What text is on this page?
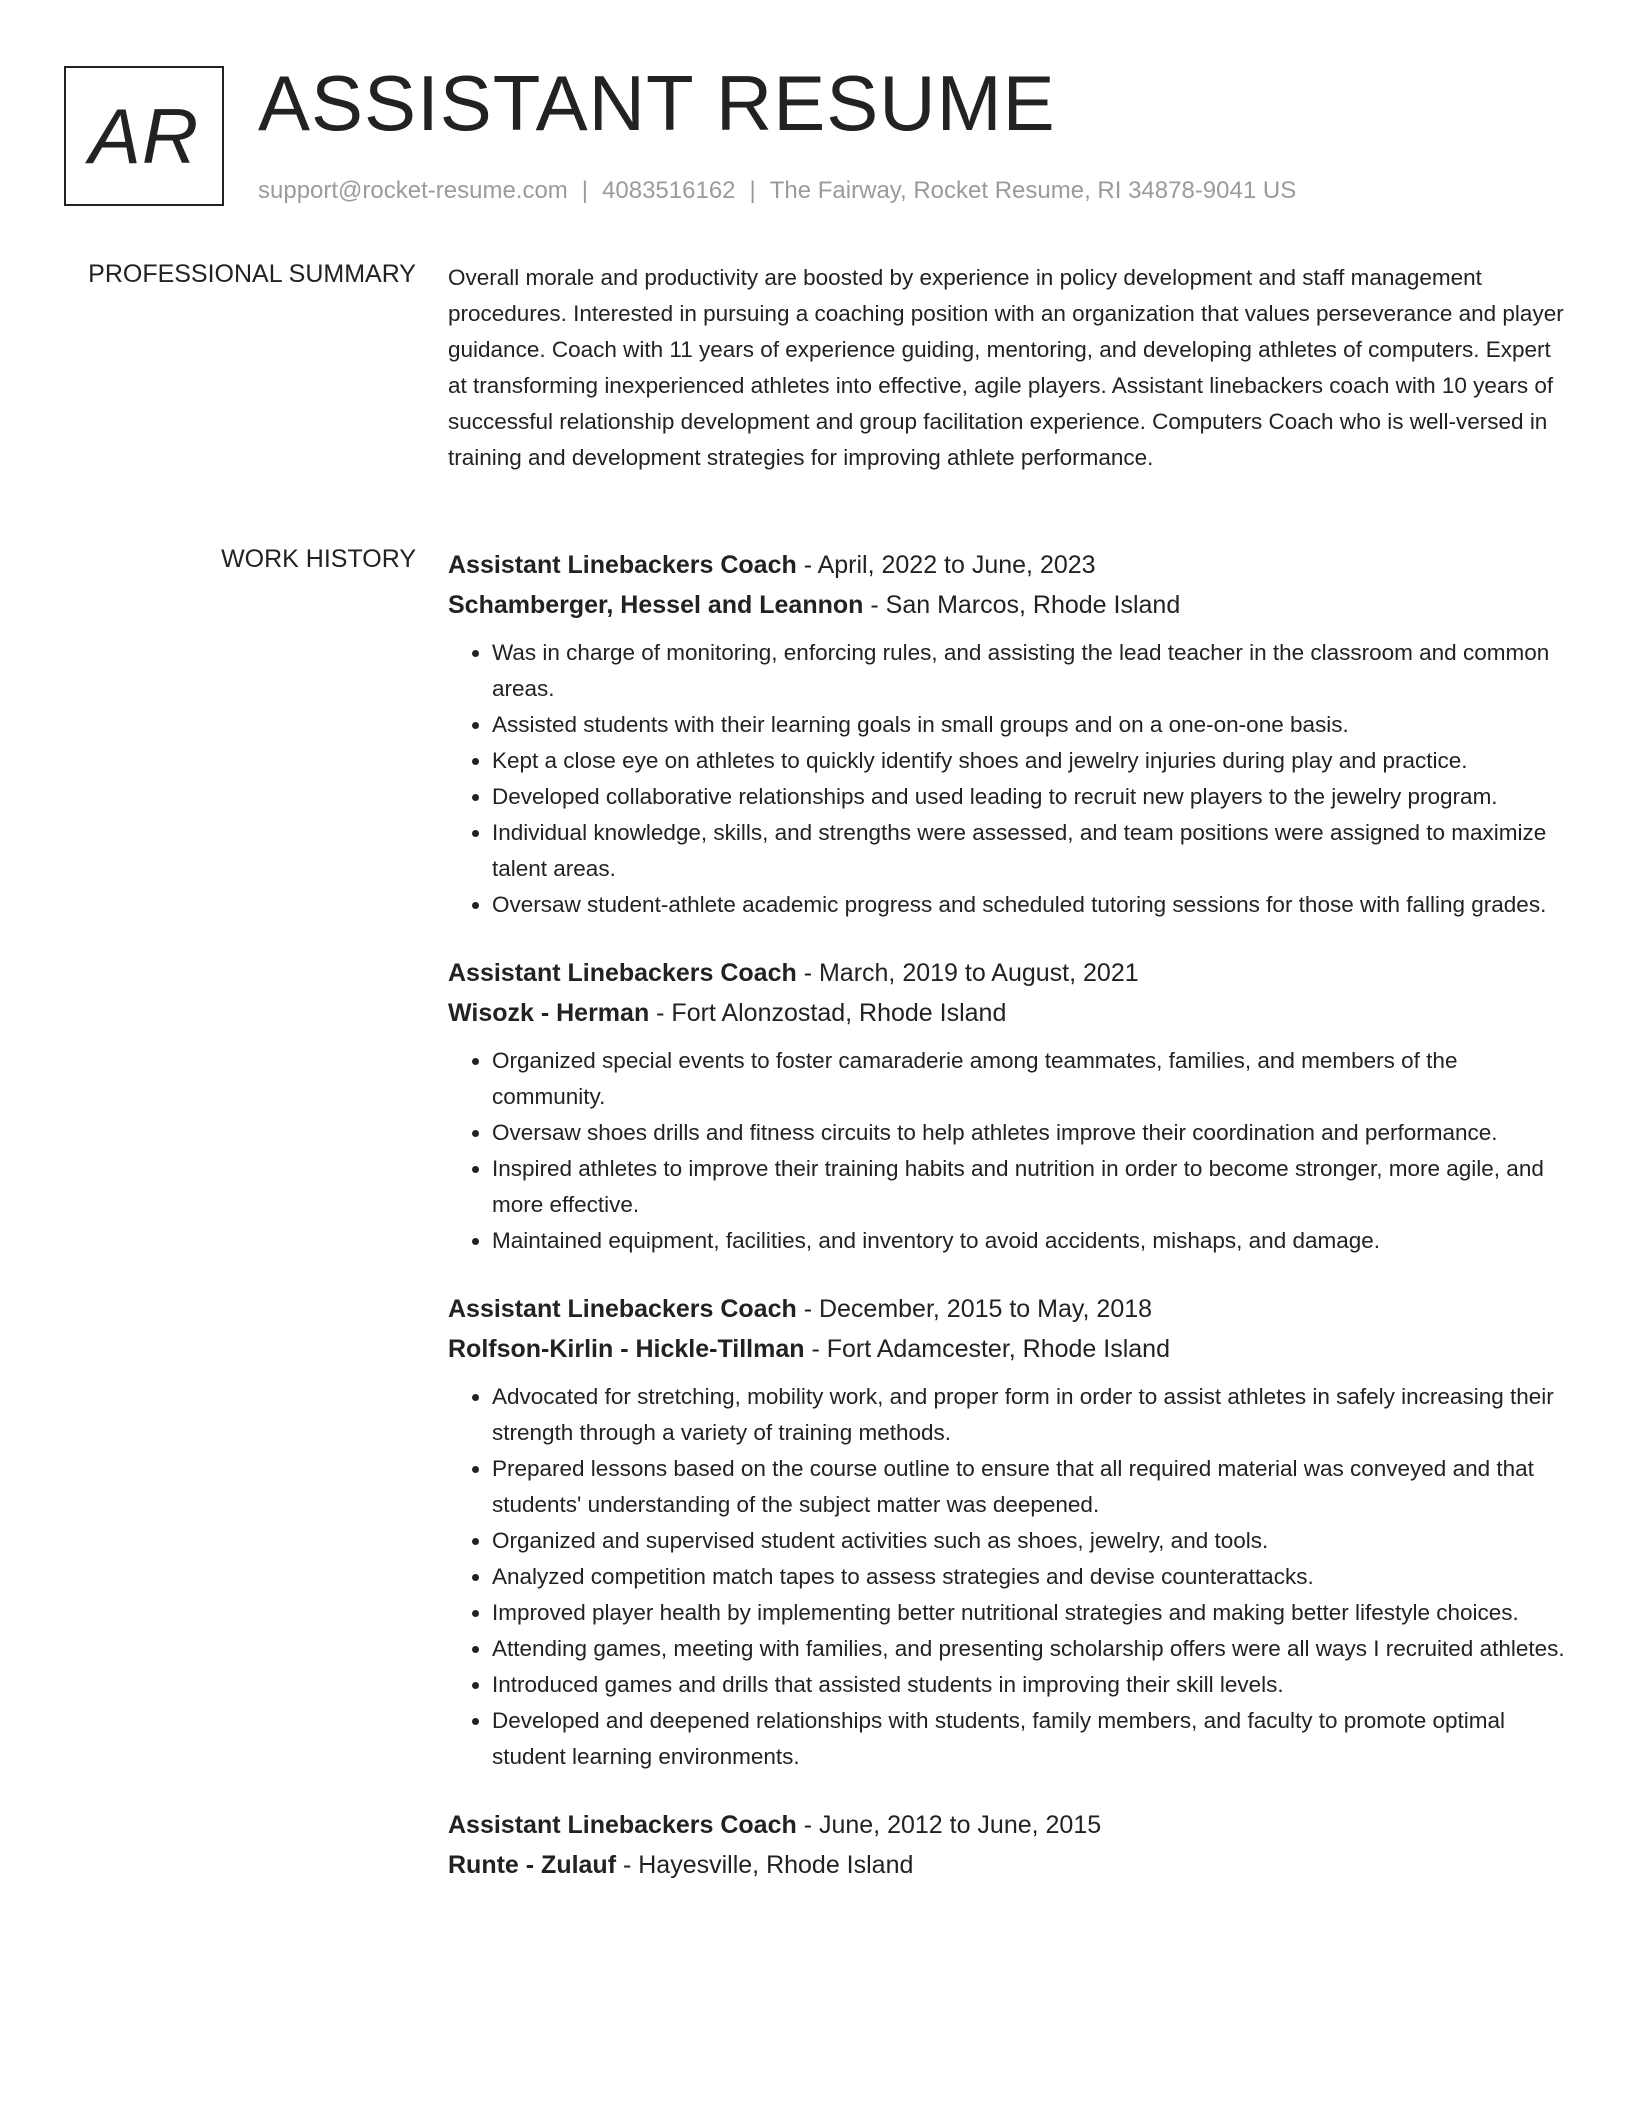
AR ASSISTANT RESUME
support@rocket-resume.com | 4083516162 | The Fairway, Rocket Resume, RI 34878-9041 US
PROFESSIONAL SUMMARY Overall morale and productivity are boosted by experience in policy development and staff management procedures. Interested in pursuing a coaching position with an organization that values perseverance and player guidance. Coach with 11 years of experience guiding, mentoring, and developing athletes of computers. Expert at transforming inexperienced athletes into effective, agile players. Assistant linebackers coach with 10 years of successful relationship development and group facilitation experience. Computers Coach who is well-versed in training and development strategies for improving athlete performance.
WORK HISTORY Assistant Linebackers Coach - April, 2022 to June, 2023
Schamberger, Hessel and Leannon - San Marcos, Rhode Island
• Was in charge of monitoring, enforcing rules, and assisting the lead teacher in the classroom and common areas.
• Assisted students with their learning goals in small groups and on a one-on-one basis.
• Kept a close eye on athletes to quickly identify shoes and jewelry injuries during play and practice.
• Developed collaborative relationships and used leading to recruit new players to the jewelry program.
• Individual knowledge, skills, and strengths were assessed, and team positions were assigned to maximize talent areas.
• Oversaw student-athlete academic progress and scheduled tutoring sessions for those with falling grades.
Assistant Linebackers Coach - March, 2019 to August, 2021
Wisozk - Herman - Fort Alonzostad, Rhode Island
• Organized special events to foster camaraderie among teammates, families, and members of the community.
• Oversaw shoes drills and fitness circuits to help athletes improve their coordination and performance.
• Inspired athletes to improve their training habits and nutrition in order to become stronger, more agile, and more effective.
• Maintained equipment, facilities, and inventory to avoid accidents, mishaps, and damage.
Assistant Linebackers Coach - December, 2015 to May, 2018
Rolfson-Kirlin - Hickle-Tillman - Fort Adamcester, Rhode Island
• Advocated for stretching, mobility work, and proper form in order to assist athletes in safely increasing their strength through a variety of training methods.
• Prepared lessons based on the course outline to ensure that all required material was conveyed and that students' understanding of the subject matter was deepened.
• Organized and supervised student activities such as shoes, jewelry, and tools.
• Analyzed competition match tapes to assess strategies and devise counterattacks.
• Improved player health by implementing better nutritional strategies and making better lifestyle choices.
• Attending games, meeting with families, and presenting scholarship offers were all ways I recruited athletes.
• Introduced games and drills that assisted students in improving their skill levels.
• Developed and deepened relationships with students, family members, and faculty to promote optimal student learning environments.
Assistant Linebackers Coach - June, 2012 to June, 2015
Runte - Zulauf - Hayesville, Rhode Island
